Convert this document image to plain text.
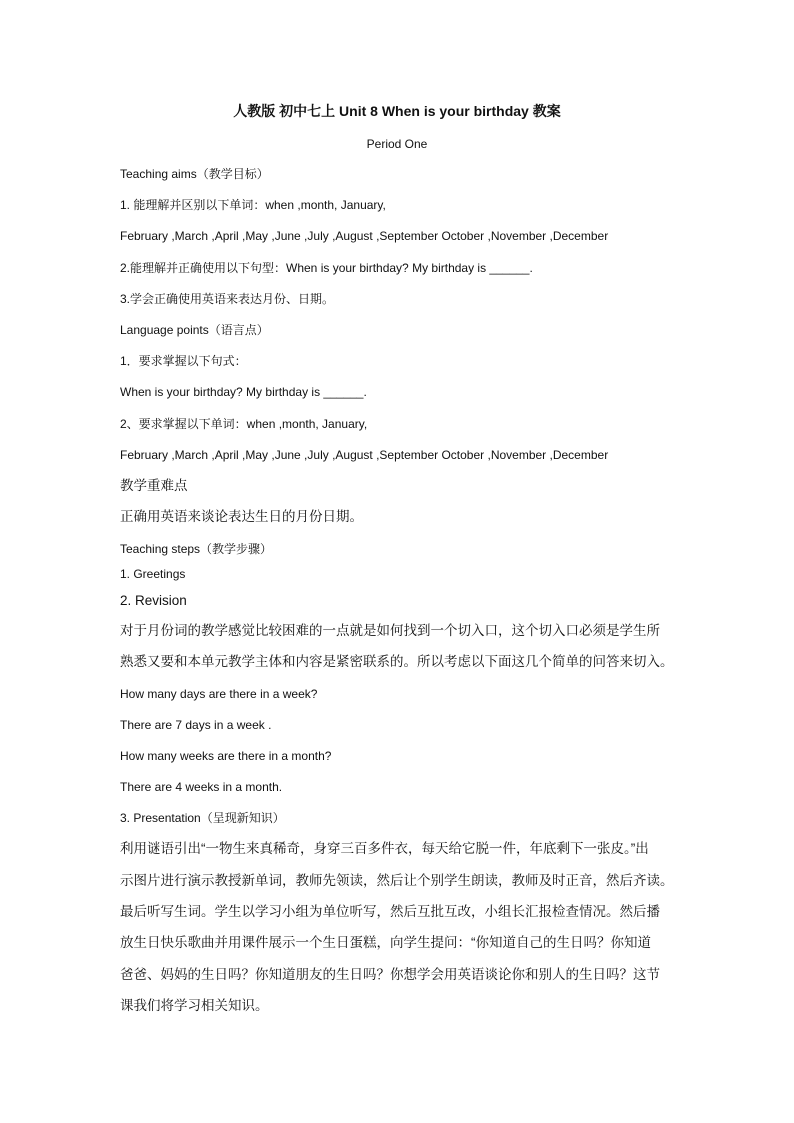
人教版 初中七上 Unit 8 When is your birthday 教案
Period One
Teaching aims（教学目标）
1. 能理解并区别以下单词：when ,month, January,
February ,March ,April ,May ,June ,July ,August ,September October ,November ,December
2.能理解并正确使用以下句型：When is your birthday? My birthday is ______.
3.学会正确使用英语来表达月份、日期。
Language points（语言点）
1．要求掌握以下句式：
When is your birthday? My birthday is ______.
2、要求掌握以下单词：when ,month, January,
February ,March ,April ,May ,June ,July ,August ,September October ,November ,December
教学重难点
正确用英语来谈论表达生日的月份日期。
Teaching steps（教学步骤）
1. Greetings
2. Revision
对于月份词的教学感觉比较困难的一点就是如何找到一个切入口，这个切入口必须是学生所
熟悉又要和本单元教学主体和内容是紧密联系的。所以考虑以下面这几个简单的问答来切入。
How many days are there in a week?
There are 7 days in a week .
How many weeks are there in a month?
There are 4 weeks in a month.
3. Presentation（呈现新知识）
利用谜语引出“一物生来真稀奇，身穿三百多件衣，每天给它脱一件，年底剩下一张皮。”出
示图片进行演示教授新单词，教师先领读，然后让个别学生朗读，教师及时正音，然后齐读。
最后听写生词。学生以学习小组为单位听写，然后互批互改，小组长汇报检查情况。然后播
放生日快乐歌曲并用课件展示一个生日蛋糕，向学生提问：“你知道自己的生日吗？你知道
爸爸、妈妈的生日吗？你知道朋友的生日吗？你想学会用英语谈论你和别人的生日吗？这节
课我们将学习相关知识。
